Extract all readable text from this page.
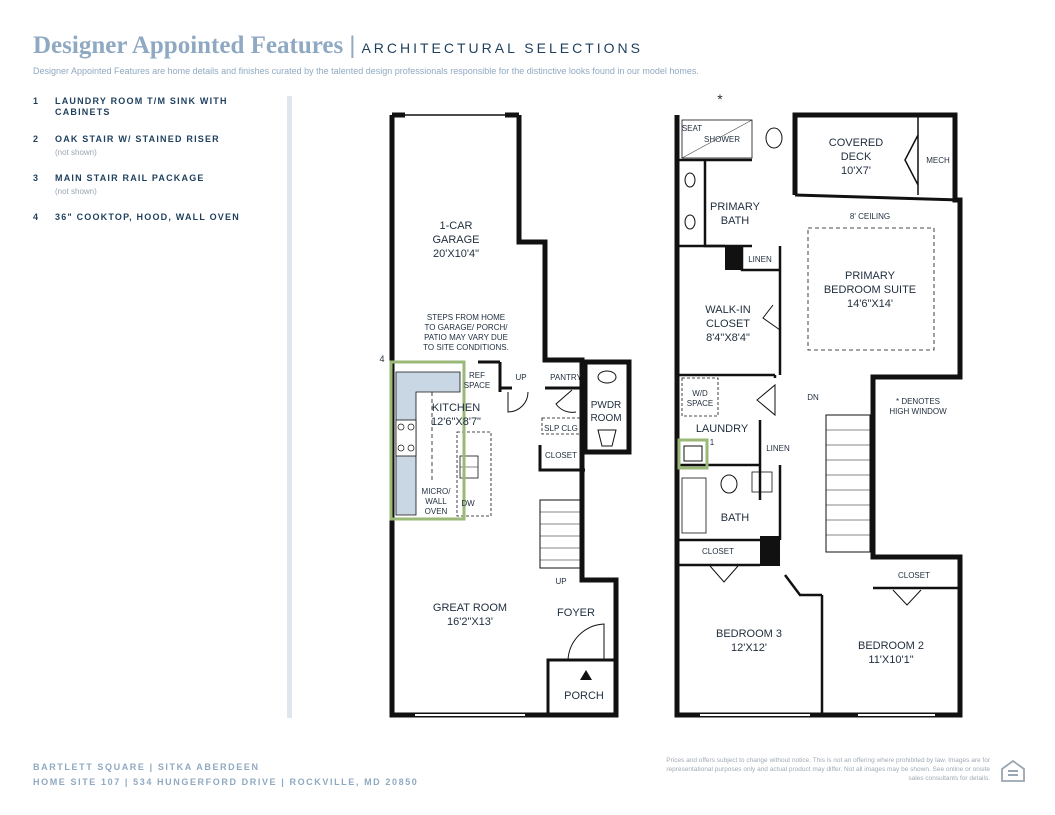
Designer Appointed Features | ARCHITECTURAL SELECTIONS
Designer Appointed Features are home details and finishes curated by the talented design professionals responsible for the distinctive looks found in our model homes.
1	LAUNDRY ROOM T/M SINK WITH CABINETS
2	OAK STAIR W/ STAINED RISER
(not shown)
3	MAIN STAIR RAIL PACKAGE
(not shown)
4	36" COOKTOP, HOOD, WALL OVEN
1-CAR
GARAGE
20'X10'4"
STEPS FROM HOME
TO GARAGE/ PORCH/
PATIO MAY VARY DUE
TO SITE CONDITIONS.
REF
SPACE
UP	PANTRY
PWDR
ROOM
KITCHEN
12'6"X8'7"
SLP CLG
CLOSET
MICRO/
WALL
OVEN
DW
UP
GREAT ROOM
16'2"X13'
FOYER
PORCH
4
*
SEAT
SHOWER	COVERED
DECK
10'X7'
MECH
PRIMARY
BATH	8' CEILING
LINEN
PRIMARY
BEDROOM SUITE
14'6"X14'
WALK-IN
CLOSET
8'4"X8'4"
W/D
SPACE
DN
LAUNDRY
LINEN
1
* DENOTES
HIGH WINDOW
BATH
CLOSET
CLOSET
BEDROOM 3
12'X12'	BEDROOM 2
11'X10'1"
BARTLETT SQUARE | SITKA ABERDEEN
HOME SITE 107 | 534 HUNGERFORD DRIVE | ROCKVILLE, MD 20850
Prices and offers subject to change without notice. This is not an offering where prohibited by law. Images are for representational purposes only and actual product may differ. Not all images may be shown. See online or onsite sales consultants for details.
